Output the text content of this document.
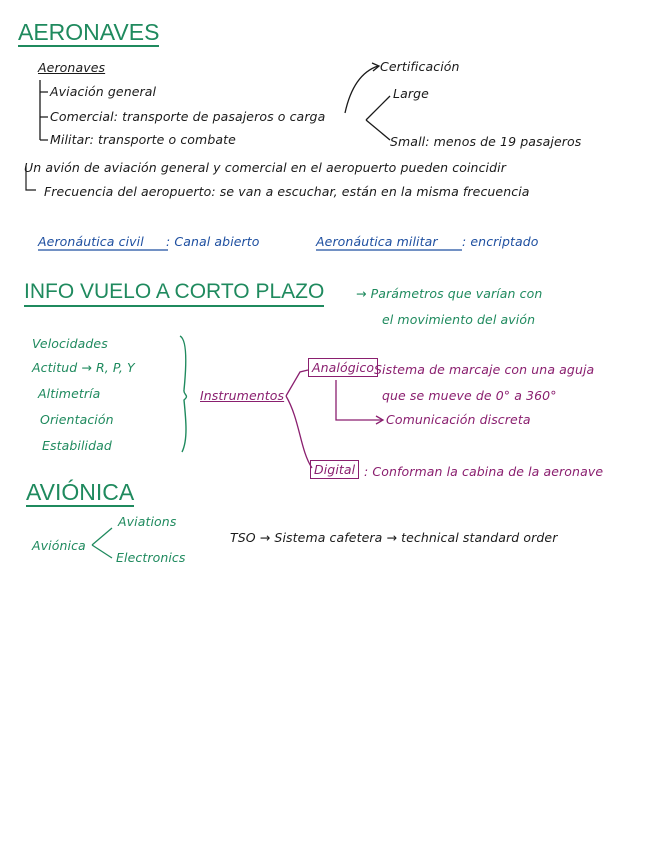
AERONAVES
Aeronaves
Aviación general
Comercial: transporte de pasajeros o carga
Militar: transporte o combate
Certificación
Large
Small: menos de 19 pasajeros
Un avión de aviación general y comercial en el aeropuerto pueden coincidir
Frecuencia del aeropuerto: se van a escuchar, están en la misma frecuencia
Aeronáutica civil : Canal abierto	Aeronáutica militar : encriptado
INFO VUELO A CORTO PLAZO	→ Parámetros que varían con
el movimiento del avión
Velocidades
Actitud → R, P, Y
Altimetría
Orientación
Estabilidad
Instrumentos
Analógico Sistema de marcaje con una aguja
que se mueve de 0° a 360°
Comunicación discreta
Digital : Conforman la cabina de la aeronave
AVIÓNICA
Aviónica
Aviations
Electronics
TSO → Sistema cafetera → technical standard order
